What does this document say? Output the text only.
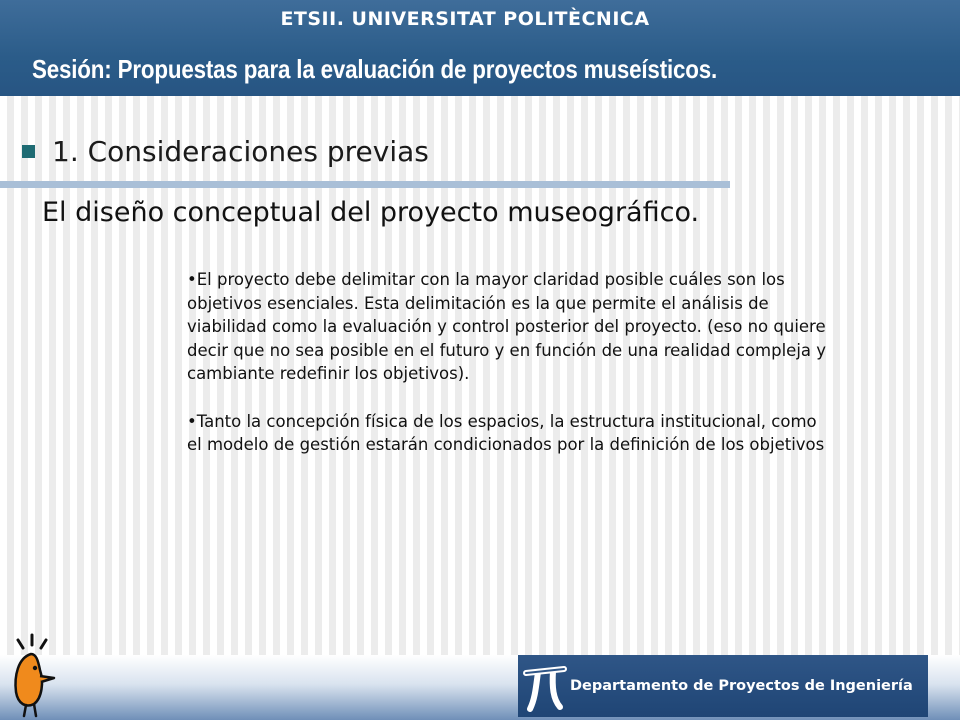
ETSII. UNIVERSITAT POLITÈCNICA
Sesión: Propuestas para la evaluación de proyectos museísticos.
1. Consideraciones previas
El diseño conceptual del proyecto museográfico.

•El proyecto debe delimitar con la mayor claridad posible cuáles son los objetivos esenciales. Esta delimitación es la que permite el análisis de viabilidad como la evaluación y control posterior del proyecto. (eso no quiere decir que no sea posible en el futuro y en función de una realidad compleja y cambiante redefinir los objetivos).

•Tanto la concepción física de los espacios, la estructura institucional, como el modelo de gestión estarán condicionados por la definición de los objetivos

Departamento de Proyectos de Ingeniería
